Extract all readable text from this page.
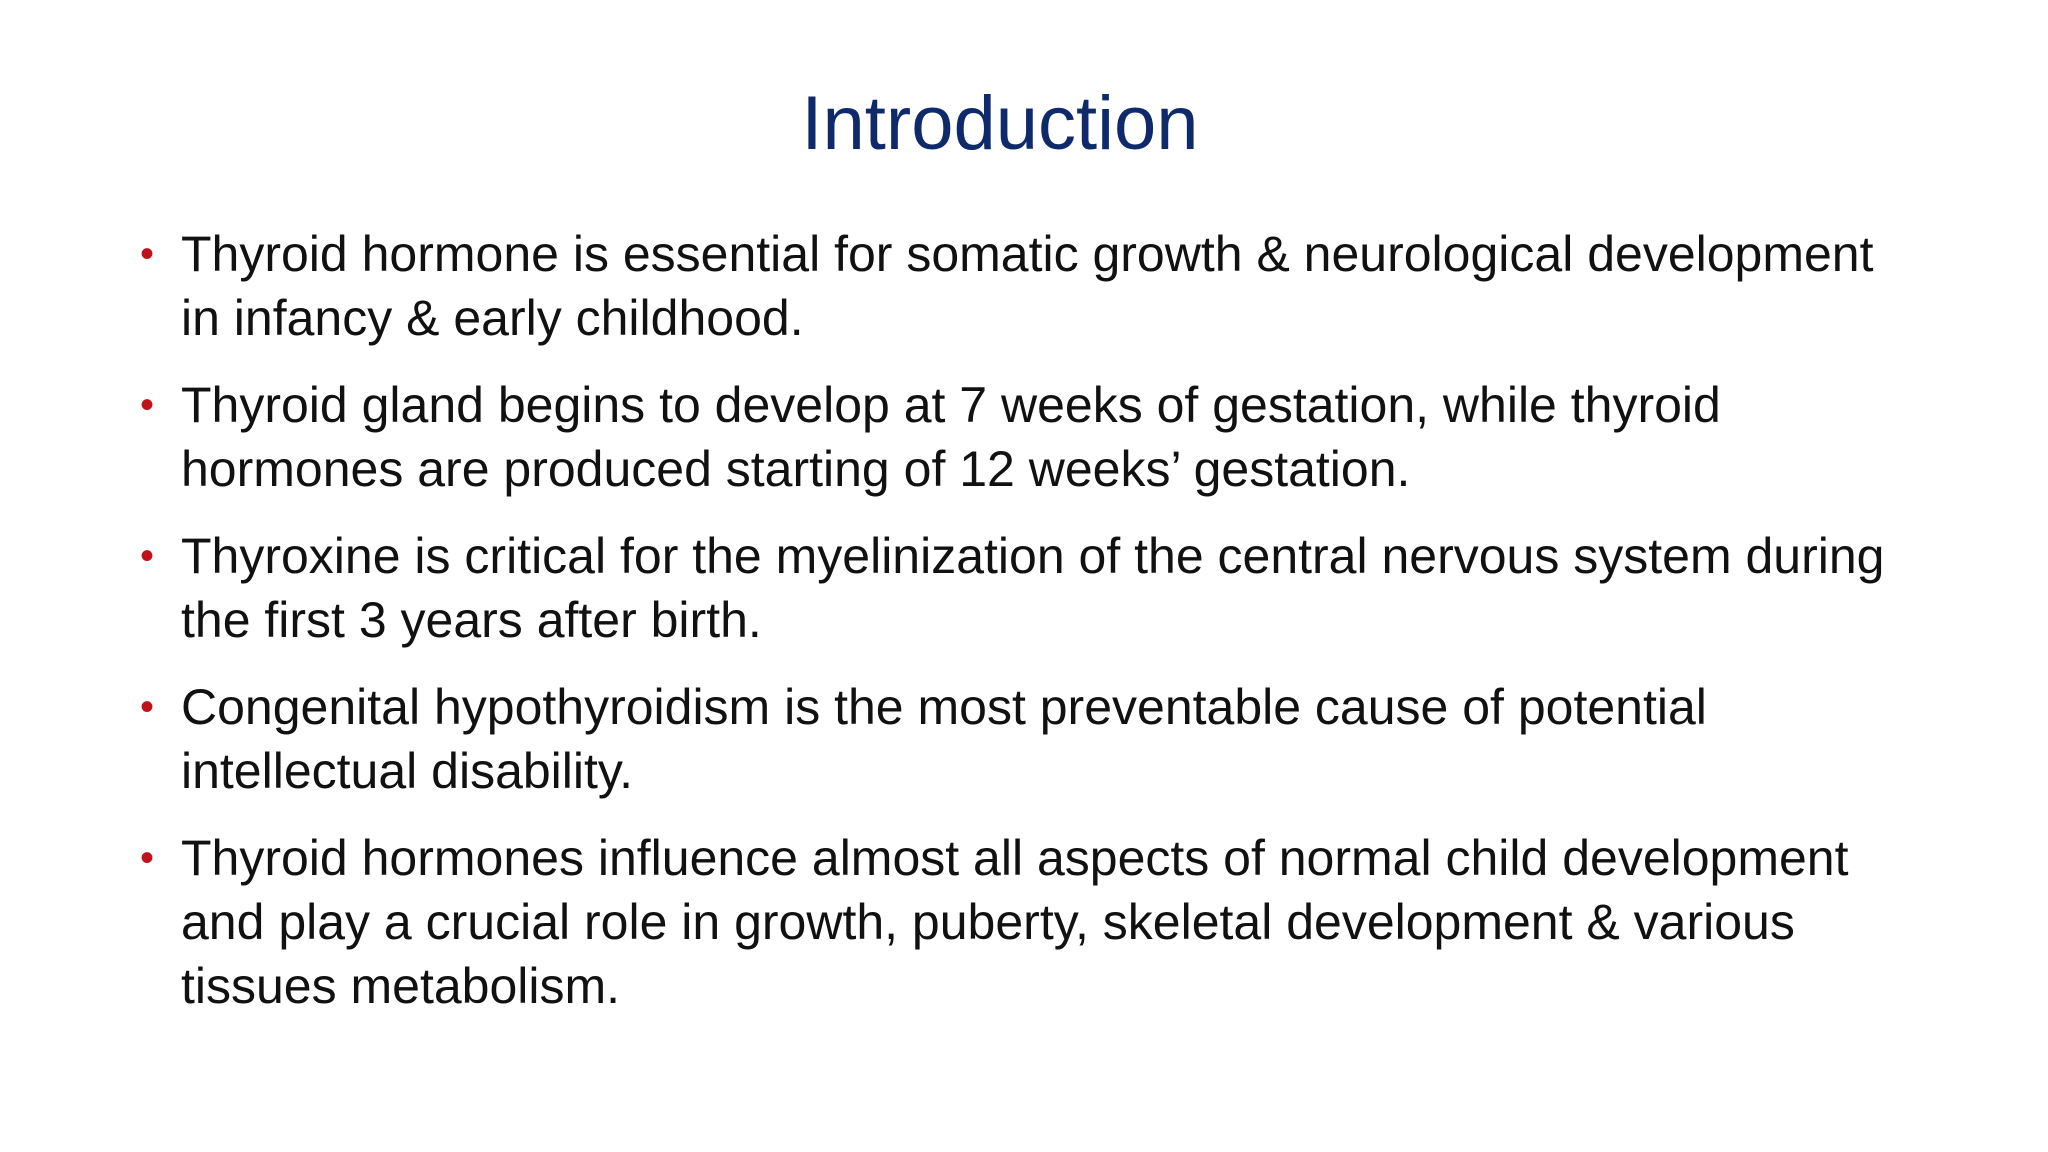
Introduction
• Thyroid hormone is essential for somatic growth & neurological development in infancy & early childhood.
• Thyroid gland begins to develop at 7 weeks of gestation, while thyroid hormones are produced starting of 12 weeks’ gestation.
• Thyroxine is critical for the myelinization of the central nervous system during the first 3 years after birth.
• Congenital hypothyroidism is the most preventable cause of potential intellectual disability.
• Thyroid hormones influence almost all aspects of normal child development and play a crucial role in growth, puberty, skeletal development & various tissues metabolism.
